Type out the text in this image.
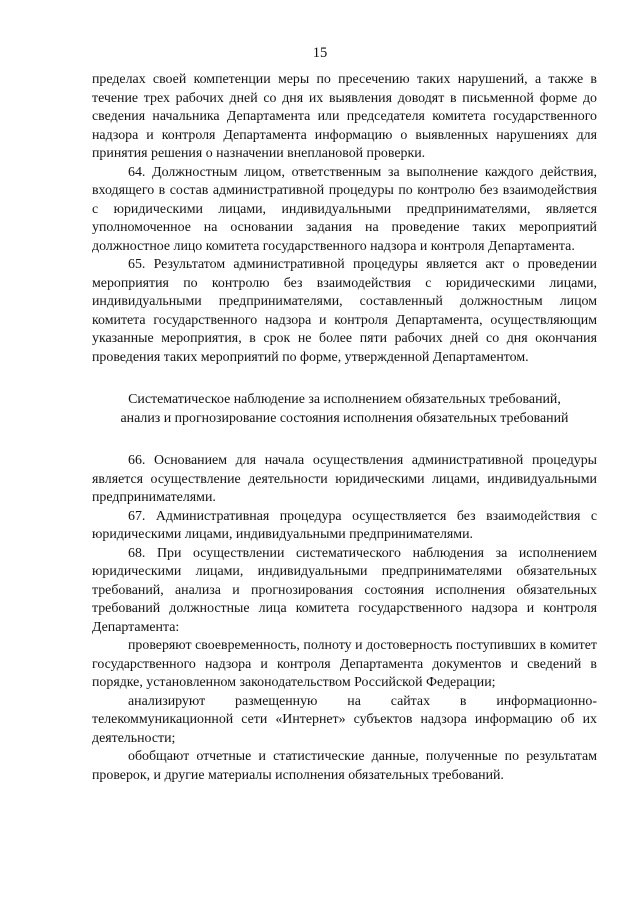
15

пределах своей компетенции меры по пресечению таких нарушений, а также в течение трех рабочих дней со дня их выявления доводят в письменной форме до сведения начальника Департамента или председателя комитета государственного надзора и контроля Департамента информацию о выявленных нарушениях для принятия решения о назначении внеплановой проверки.

64. Должностным лицом, ответственным за выполнение каждого действия, входящего в состав административной процедуры по контролю без взаимодействия с юридическими лицами, индивидуальными предпринимателями, является уполномоченное на основании задания на проведение таких мероприятий должностное лицо комитета государственного надзора и контроля Департамента.

65. Результатом административной процедуры является акт о проведении мероприятия по контролю без взаимодействия с юридическими лицами, индивидуальными предпринимателями, составленный должностным лицом комитета государственного надзора и контроля Департамента, осуществляющим указанные мероприятия, в срок не более пяти рабочих дней со дня окончания проведения таких мероприятий по форме, утвержденной Департаментом.

Систематическое наблюдение за исполнением обязательных требований,
анализ и прогнозирование состояния исполнения обязательных требований

66. Основанием для начала осуществления административной процедуры является осуществление деятельности юридическими лицами, индивидуальными предпринимателями.

67. Административная процедура осуществляется без взаимодействия с юридическими лицами, индивидуальными предпринимателями.

68. При осуществлении систематического наблюдения за исполнением юридическими лицами, индивидуальными предпринимателями обязательных требований, анализа и прогнозирования состояния исполнения обязательных требований должностные лица комитета государственного надзора и контроля Департамента:

проверяют своевременность, полноту и достоверность поступивших в комитет государственного надзора и контроля Департамента документов и сведений в порядке, установленном законодательством Российской Федерации;

анализируют размещенную на сайтах в информационно-телекоммуникационной сети «Интернет» субъектов надзора информацию об их деятельности;

обобщают отчетные и статистические данные, полученные по результатам проверок, и другие материалы исполнения обязательных требований.
